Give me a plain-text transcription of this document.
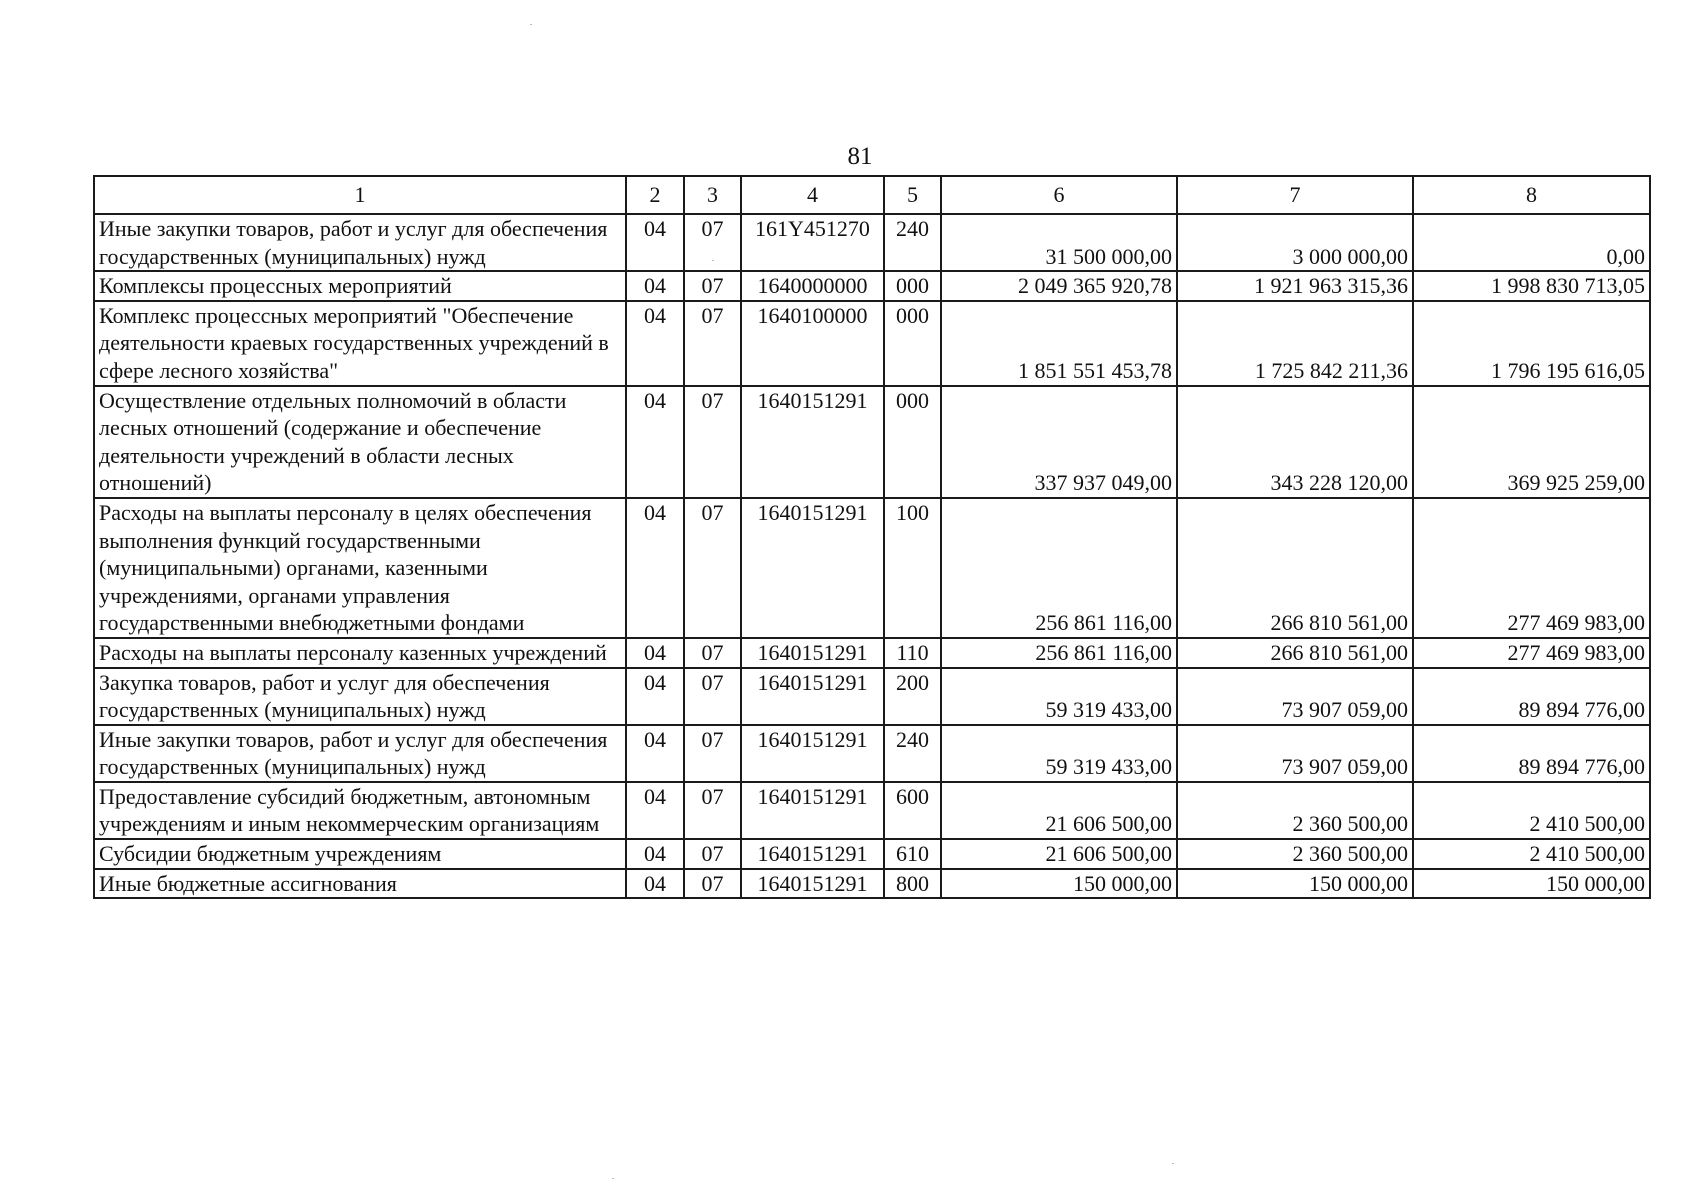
81
1	2	3	4	5	6	7	8
Иные закупки товаров, работ и услуг для обеспечения государственных (муниципальных) нужд	04	07	161Y451270	240	31 500 000,00	3 000 000,00	0,00
Комплексы процессных мероприятий	04	07	1640000000	000	2 049 365 920,78	1 921 963 315,36	1 998 830 713,05
Комплекс процессных мероприятий "Обеспечение деятельности краевых государственных учреждений в сфере лесного хозяйства"	04	07	1640100000	000	1 851 551 453,78	1 725 842 211,36	1 796 195 616,05
Осуществление отдельных полномочий в области лесных отношений (содержание и обеспечение деятельности учреждений в области лесных отношений)	04	07	1640151291	000	337 937 049,00	343 228 120,00	369 925 259,00
Расходы на выплаты персоналу в целях обеспечения выполнения функций государственными (муниципальными) органами, казенными учреждениями, органами управления государственными внебюджетными фондами	04	07	1640151291	100	256 861 116,00	266 810 561,00	277 469 983,00
Расходы на выплаты персоналу казенных учреждений	04	07	1640151291	110	256 861 116,00	266 810 561,00	277 469 983,00
Закупка товаров, работ и услуг для обеспечения государственных (муниципальных) нужд	04	07	1640151291	200	59 319 433,00	73 907 059,00	89 894 776,00
Иные закупки товаров, работ и услуг для обеспечения государственных (муниципальных) нужд	04	07	1640151291	240	59 319 433,00	73 907 059,00	89 894 776,00
Предоставление субсидий бюджетным, автономным учреждениям и иным некоммерческим организациям	04	07	1640151291	600	21 606 500,00	2 360 500,00	2 410 500,00
Субсидии бюджетным учреждениям	04	07	1640151291	610	21 606 500,00	2 360 500,00	2 410 500,00
Иные бюджетные ассигнования	04	07	1640151291	800	150 000,00	150 000,00	150 000,00
